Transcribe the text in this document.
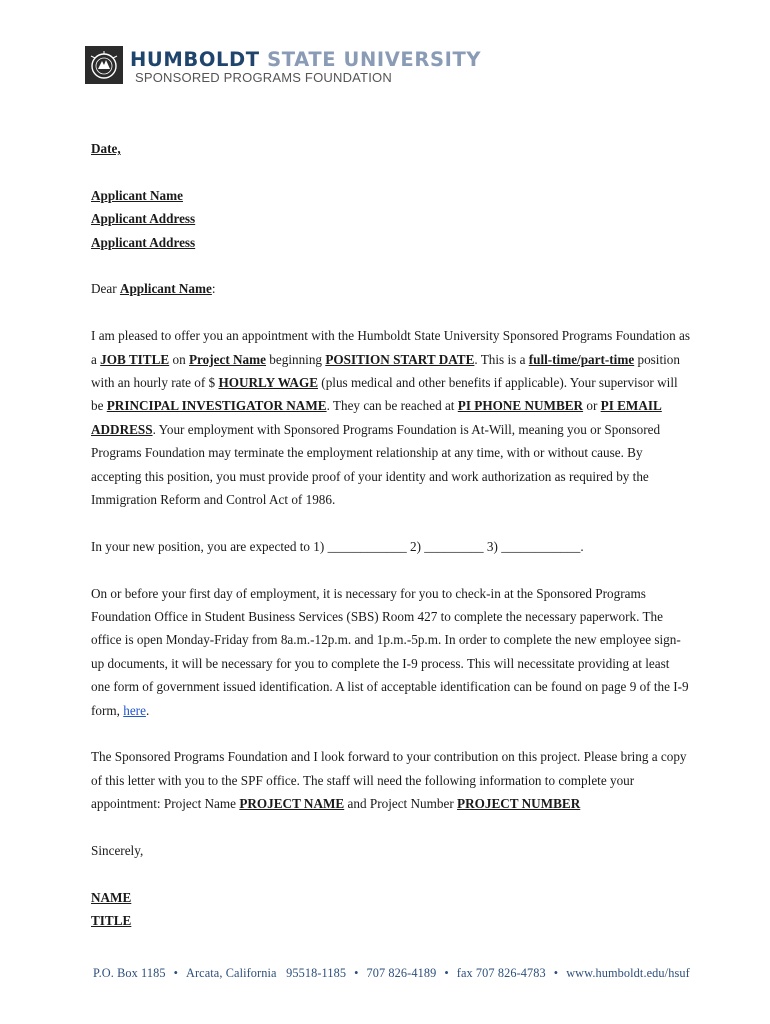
HUMBOLDT STATE UNIVERSITY
SPONSORED PROGRAMS FOUNDATION

Date,

Applicant Name

Applicant Address

Applicant Address

Dear Applicant Name:

I am pleased to offer you an appointment with the Humboldt State University Sponsored Programs Foundation as a JOB TITLE on Project Name beginning POSITION START DATE. This is a full-time/part-time position with an hourly rate of $ HOURLY WAGE (plus medical and other benefits if applicable). Your supervisor will be PRINCIPAL INVESTIGATOR NAME. They can be reached at PI PHONE NUMBER or PI EMAIL ADDRESS. Your employment with Sponsored Programs Foundation is At-Will, meaning you or Sponsored Programs Foundation may terminate the employment relationship at any time, with or without cause. By accepting this position, you must provide proof of your identity and work authorization as required by the Immigration Reform and Control Act of 1986.

In your new position, you are expected to 1) ____________ 2) _________ 3) ____________.

On or before your first day of employment, it is necessary for you to check-in at the Sponsored Programs Foundation Office in Student Business Services (SBS) Room 427 to complete the necessary paperwork. The office is open Monday-Friday from 8a.m.-12p.m. and 1p.m.-5p.m. In order to complete the new employee sign-up documents, it will be necessary for you to complete the I-9 process. This will necessitate providing at least one form of government issued identification. A list of acceptable identification can be found on page 9 of the I-9 form, here.

The Sponsored Programs Foundation and I look forward to your contribution on this project. Please bring a copy of this letter with you to the SPF office. The staff will need the following information to complete your appointment: Project Name PROJECT NAME and Project Number PROJECT NUMBER

Sincerely,

NAME

TITLE

P.O. Box 1185 • Arcata, California   95518-1185 • 707 826-4189 • fax 707 826-4783 • www.humboldt.edu/hsuf
